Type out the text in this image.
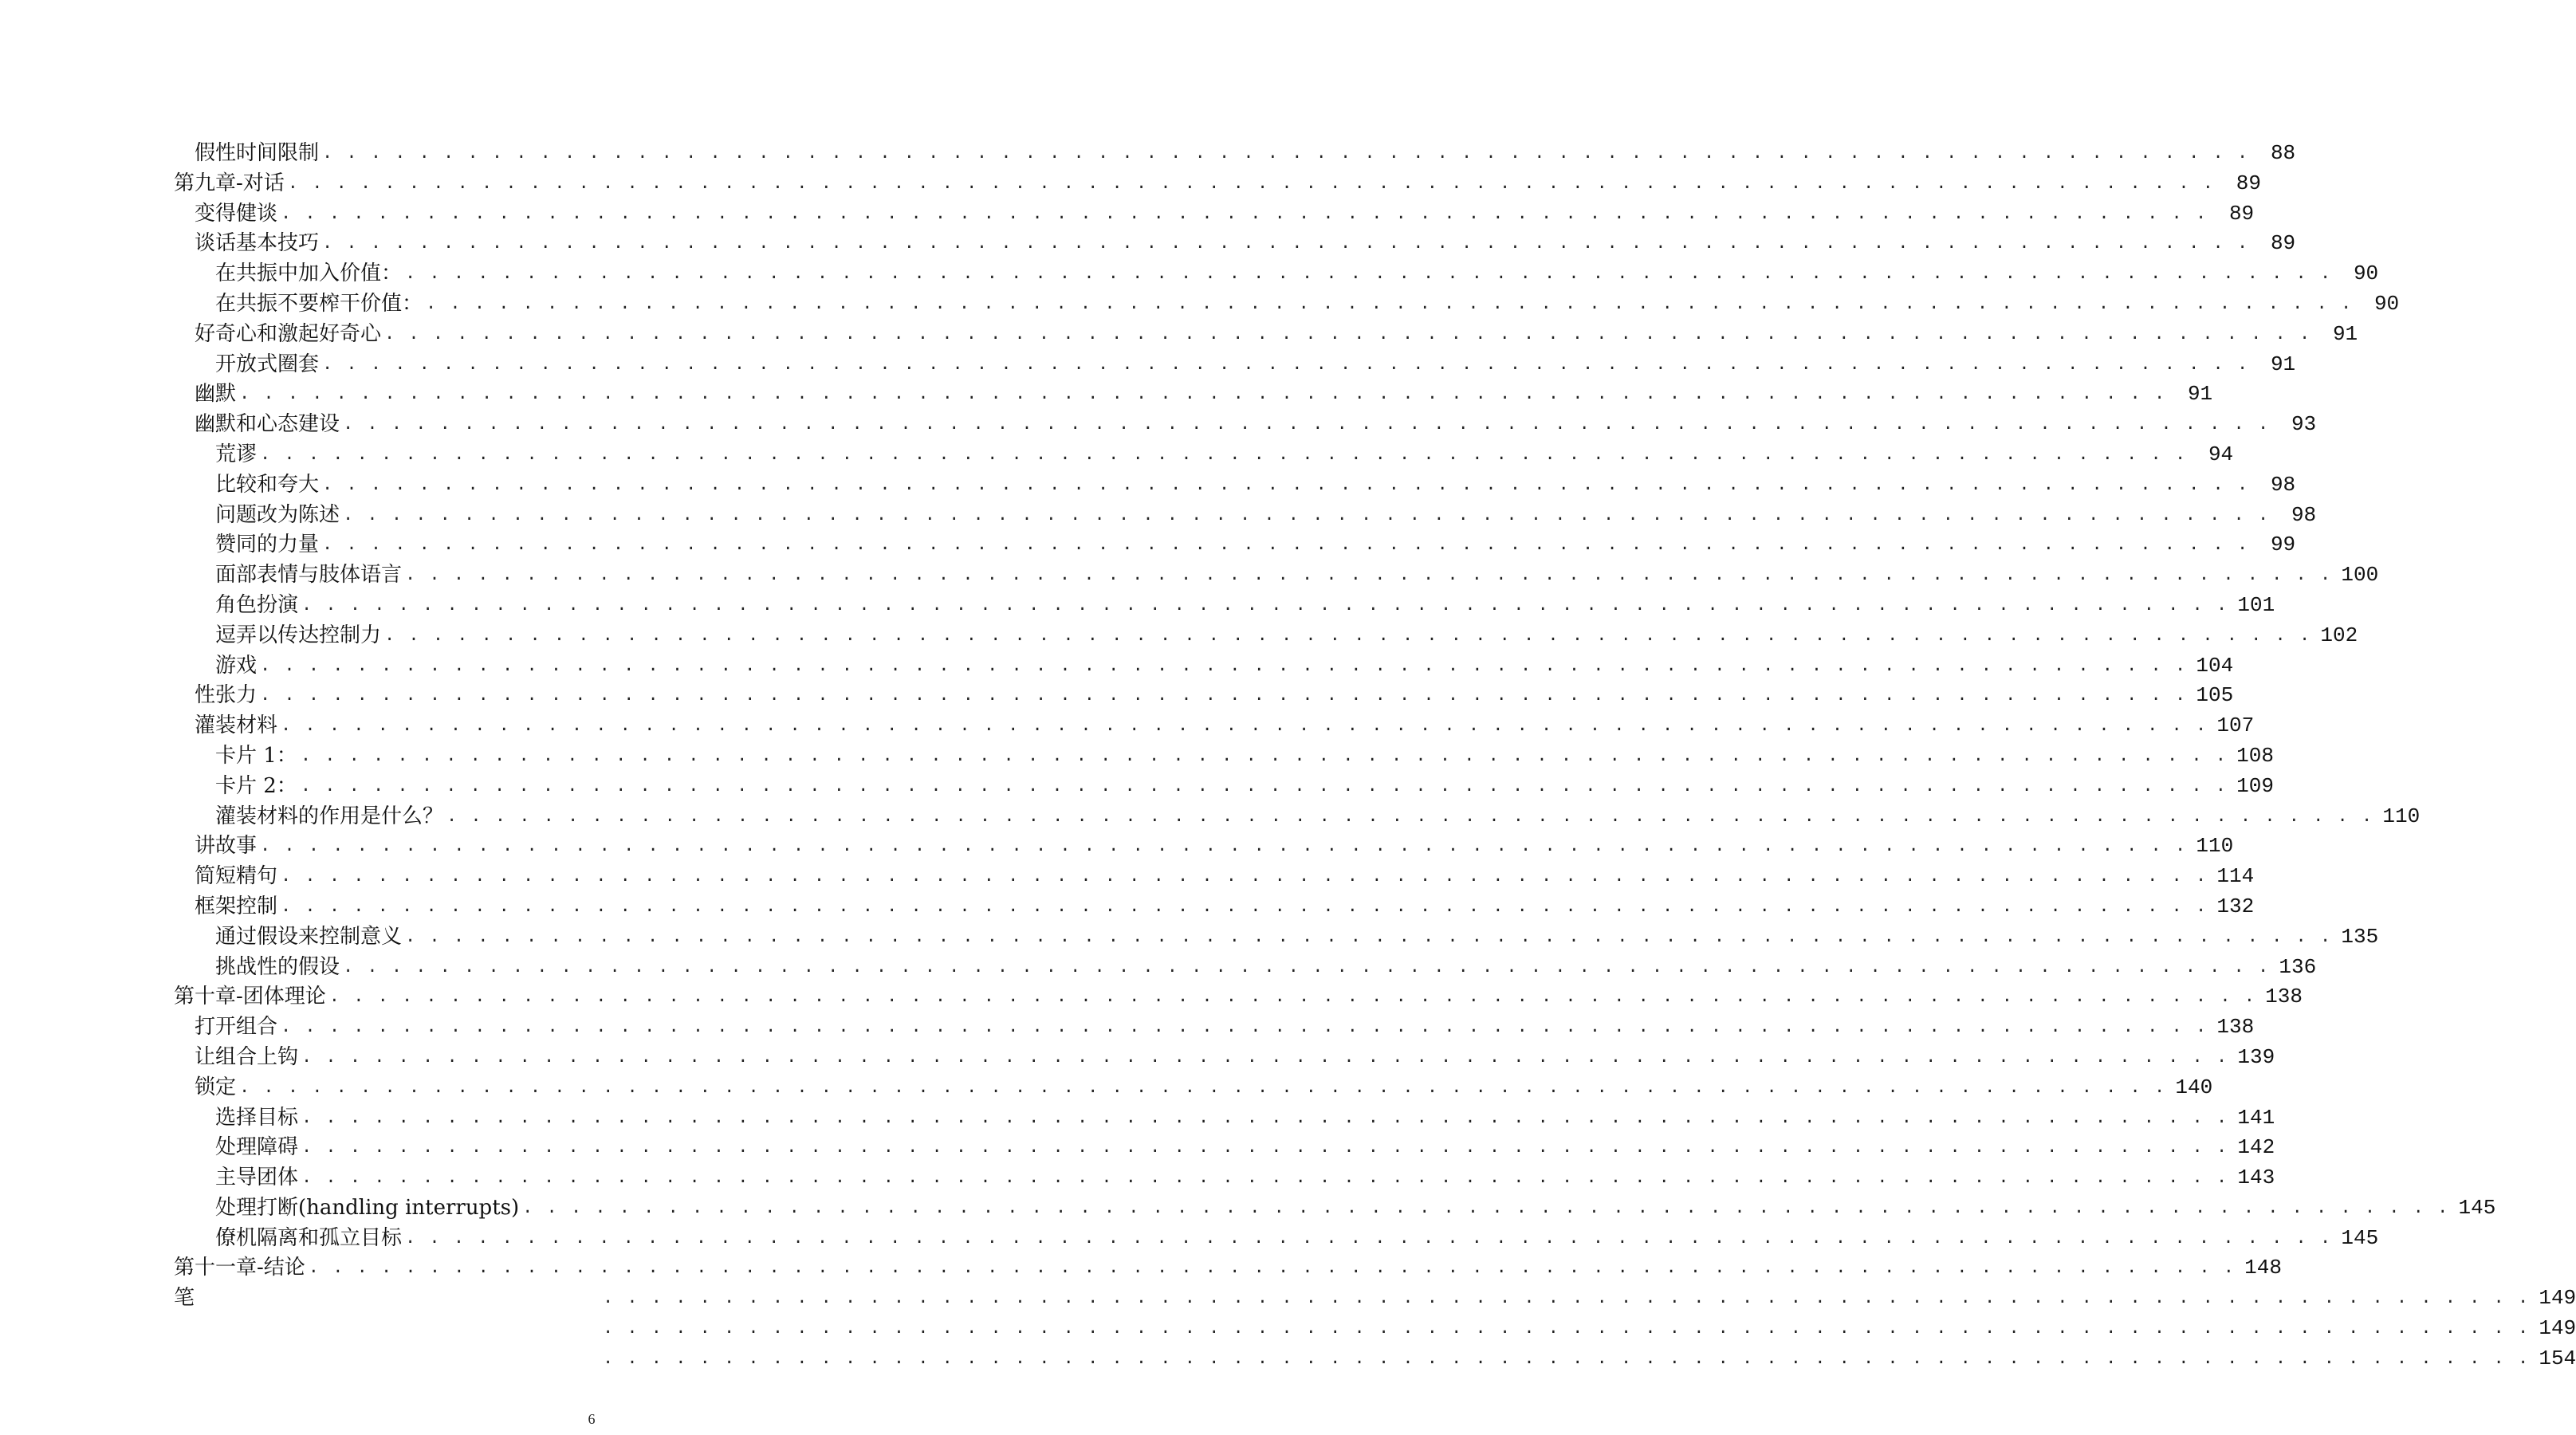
假性时间限制 . . . . . . . . . . . . . . . . . . . . . . . . . . . . . . . . . . . . . . . . . . . . . . . . . . . . . . . . . . . . . . . . . . . . . . . . . . . . . . . .	88
第九章-对话 . . . . . . . . . . . . . . . . . . . . . . . . . . . . . . . . . . . . . . . . . . . . . . . . . . . . . . . . . . . . . . . . . . . . . . . . . . . . . . . .	89
变得健谈 . . . . . . . . . . . . . . . . . . . . . . . . . . . . . . . . . . . . . . . . . . . . . . . . . . . . . . . . . . . . . . . . . . . . . . . . . . . . . . . .	89
谈话基本技巧 . . . . . . . . . . . . . . . . . . . . . . . . . . . . . . . . . . . . . . . . . . . . . . . . . . . . . . . . . . . . . . . . . . . . . . . . . . . . . . . .	89
在共振中加入价值： . . . . . . . . . . . . . . . . . . . . . . . . . . . . . . . . . . . . . . . . . . . . . . . . . . . . . . . . . . . . . . . . . . . . . . . . . . . . . . . .	90
在共振不要榨干价值： . . . . . . . . . . . . . . . . . . . . . . . . . . . . . . . . . . . . . . . . . . . . . . . . . . . . . . . . . . . . . . . . . . . . . . . . . . . . . . . .	90
好奇心和激起好奇心 . . . . . . . . . . . . . . . . . . . . . . . . . . . . . . . . . . . . . . . . . . . . . . . . . . . . . . . . . . . . . . . . . . . . . . . . . . . . . . . .	91
开放式圈套 . . . . . . . . . . . . . . . . . . . . . . . . . . . . . . . . . . . . . . . . . . . . . . . . . . . . . . . . . . . . . . . . . . . . . . . . . . . . . . . .	91
幽默 . . . . . . . . . . . . . . . . . . . . . . . . . . . . . . . . . . . . . . . . . . . . . . . . . . . . . . . . . . . . . . . . . . . . . . . . . . . . . . . .	91
幽默和心态建设 . . . . . . . . . . . . . . . . . . . . . . . . . . . . . . . . . . . . . . . . . . . . . . . . . . . . . . . . . . . . . . . . . . . . . . . . . . . . . . . .	93
荒谬 . . . . . . . . . . . . . . . . . . . . . . . . . . . . . . . . . . . . . . . . . . . . . . . . . . . . . . . . . . . . . . . . . . . . . . . . . . . . . . . .	94
比较和夸大 . . . . . . . . . . . . . . . . . . . . . . . . . . . . . . . . . . . . . . . . . . . . . . . . . . . . . . . . . . . . . . . . . . . . . . . . . . . . . . . .	98
问题改为陈述 . . . . . . . . . . . . . . . . . . . . . . . . . . . . . . . . . . . . . . . . . . . . . . . . . . . . . . . . . . . . . . . . . . . . . . . . . . . . . . . .	98
赞同的力量 . . . . . . . . . . . . . . . . . . . . . . . . . . . . . . . . . . . . . . . . . . . . . . . . . . . . . . . . . . . . . . . . . . . . . . . . . . . . . . . .	99
面部表情与肢体语言 . . . . . . . . . . . . . . . . . . . . . . . . . . . . . . . . . . . . . . . . . . . . . . . . . . . . . . . . . . . . . . . . . . . . . . . . . . . . . . . . 100
角色扮演 . . . . . . . . . . . . . . . . . . . . . . . . . . . . . . . . . . . . . . . . . . . . . . . . . . . . . . . . . . . . . . . . . . . . . . . . . . . . . . . . 101
逗弄以传达控制力 . . . . . . . . . . . . . . . . . . . . . . . . . . . . . . . . . . . . . . . . . . . . . . . . . . . . . . . . . . . . . . . . . . . . . . . . . . . . . . . . 102
游戏 . . . . . . . . . . . . . . . . . . . . . . . . . . . . . . . . . . . . . . . . . . . . . . . . . . . . . . . . . . . . . . . . . . . . . . . . . . . . . . . . 104
性张力 . . . . . . . . . . . . . . . . . . . . . . . . . . . . . . . . . . . . . . . . . . . . . . . . . . . . . . . . . . . . . . . . . . . . . . . . . . . . . . . . 105
灌装材料 . . . . . . . . . . . . . . . . . . . . . . . . . . . . . . . . . . . . . . . . . . . . . . . . . . . . . . . . . . . . . . . . . . . . . . . . . . . . . . . . 107
卡片 1： . . . . . . . . . . . . . . . . . . . . . . . . . . . . . . . . . . . . . . . . . . . . . . . . . . . . . . . . . . . . . . . . . . . . . . . . . . . . . . . . 108
卡片 2： . . . . . . . . . . . . . . . . . . . . . . . . . . . . . . . . . . . . . . . . . . . . . . . . . . . . . . . . . . . . . . . . . . . . . . . . . . . . . . . . 109
灌装材料的作用是什么？ . . . . . . . . . . . . . . . . . . . . . . . . . . . . . . . . . . . . . . . . . . . . . . . . . . . . . . . . . . . . . . . . . . . . . . . . . . . . . . . . 110
讲故事 . . . . . . . . . . . . . . . . . . . . . . . . . . . . . . . . . . . . . . . . . . . . . . . . . . . . . . . . . . . . . . . . . . . . . . . . . . . . . . . . 110
简短精句 . . . . . . . . . . . . . . . . . . . . . . . . . . . . . . . . . . . . . . . . . . . . . . . . . . . . . . . . . . . . . . . . . . . . . . . . . . . . . . . . 114
框架控制 . . . . . . . . . . . . . . . . . . . . . . . . . . . . . . . . . . . . . . . . . . . . . . . . . . . . . . . . . . . . . . . . . . . . . . . . . . . . . . . . 132
通过假设来控制意义 . . . . . . . . . . . . . . . . . . . . . . . . . . . . . . . . . . . . . . . . . . . . . . . . . . . . . . . . . . . . . . . . . . . . . . . . . . . . . . . . 135
挑战性的假设 . . . . . . . . . . . . . . . . . . . . . . . . . . . . . . . . . . . . . . . . . . . . . . . . . . . . . . . . . . . . . . . . . . . . . . . . . . . . . . . . 136
第十章-团体理论 . . . . . . . . . . . . . . . . . . . . . . . . . . . . . . . . . . . . . . . . . . . . . . . . . . . . . . . . . . . . . . . . . . . . . . . . . . . . . . . . 138
打开组合 . . . . . . . . . . . . . . . . . . . . . . . . . . . . . . . . . . . . . . . . . . . . . . . . . . . . . . . . . . . . . . . . . . . . . . . . . . . . . . . . 138
让组合上钩 . . . . . . . . . . . . . . . . . . . . . . . . . . . . . . . . . . . . . . . . . . . . . . . . . . . . . . . . . . . . . . . . . . . . . . . . . . . . . . . . 139
锁定 . . . . . . . . . . . . . . . . . . . . . . . . . . . . . . . . . . . . . . . . . . . . . . . . . . . . . . . . . . . . . . . . . . . . . . . . . . . . . . . . 140
选择目标 . . . . . . . . . . . . . . . . . . . . . . . . . . . . . . . . . . . . . . . . . . . . . . . . . . . . . . . . . . . . . . . . . . . . . . . . . . . . . . . . 141
处理障碍 . . . . . . . . . . . . . . . . . . . . . . . . . . . . . . . . . . . . . . . . . . . . . . . . . . . . . . . . . . . . . . . . . . . . . . . . . . . . . . . . 142
主导团体 . . . . . . . . . . . . . . . . . . . . . . . . . . . . . . . . . . . . . . . . . . . . . . . . . . . . . . . . . . . . . . . . . . . . . . . . . . . . . . . . 143
处理打断(handling interrupts) . . . . . . . . . . . . . . . . . . . . . . . . . . . . . . . . . . . . . . . . . . . . . . . . . . . . . . . . . . . . . . . . . . . . . . . . . . . . . . . . 145
僚机隔离和孤立目标 . . . . . . . . . . . . . . . . . . . . . . . . . . . . . . . . . . . . . . . . . . . . . . . . . . . . . . . . . . . . . . . . . . . . . . . . . . . . . . . . 145
第十一章-结论 . . . . . . . . . . . . . . . . . . . . . . . . . . . . . . . . . . . . . . . . . . . . . . . . . . . . . . . . . . . . . . . . . . . . . . . . . . . . . . . . 148
笔	. . . . . . . . . . . . . . . . . . . . . . . . . . . . . . . . . . . . . . . . . . . . . . . . . . . . . . . . . . . . . . . . . . . . . . . . . . . . . . . . 149
. . . . . . . . . . . . . . . . . . . . . . . . . . . . . . . . . . . . . . . . . . . . . . . . . . . . . . . . . . . . . . . . . . . . . . . . . . . . . . . . 149
. . . . . . . . . . . . . . . . . . . . . . . . . . . . . . . . . . . . . . . . . . . . . . . . . . . . . . . . . . . . . . . . . . . . . . . . . . . . . . . . 154
6
